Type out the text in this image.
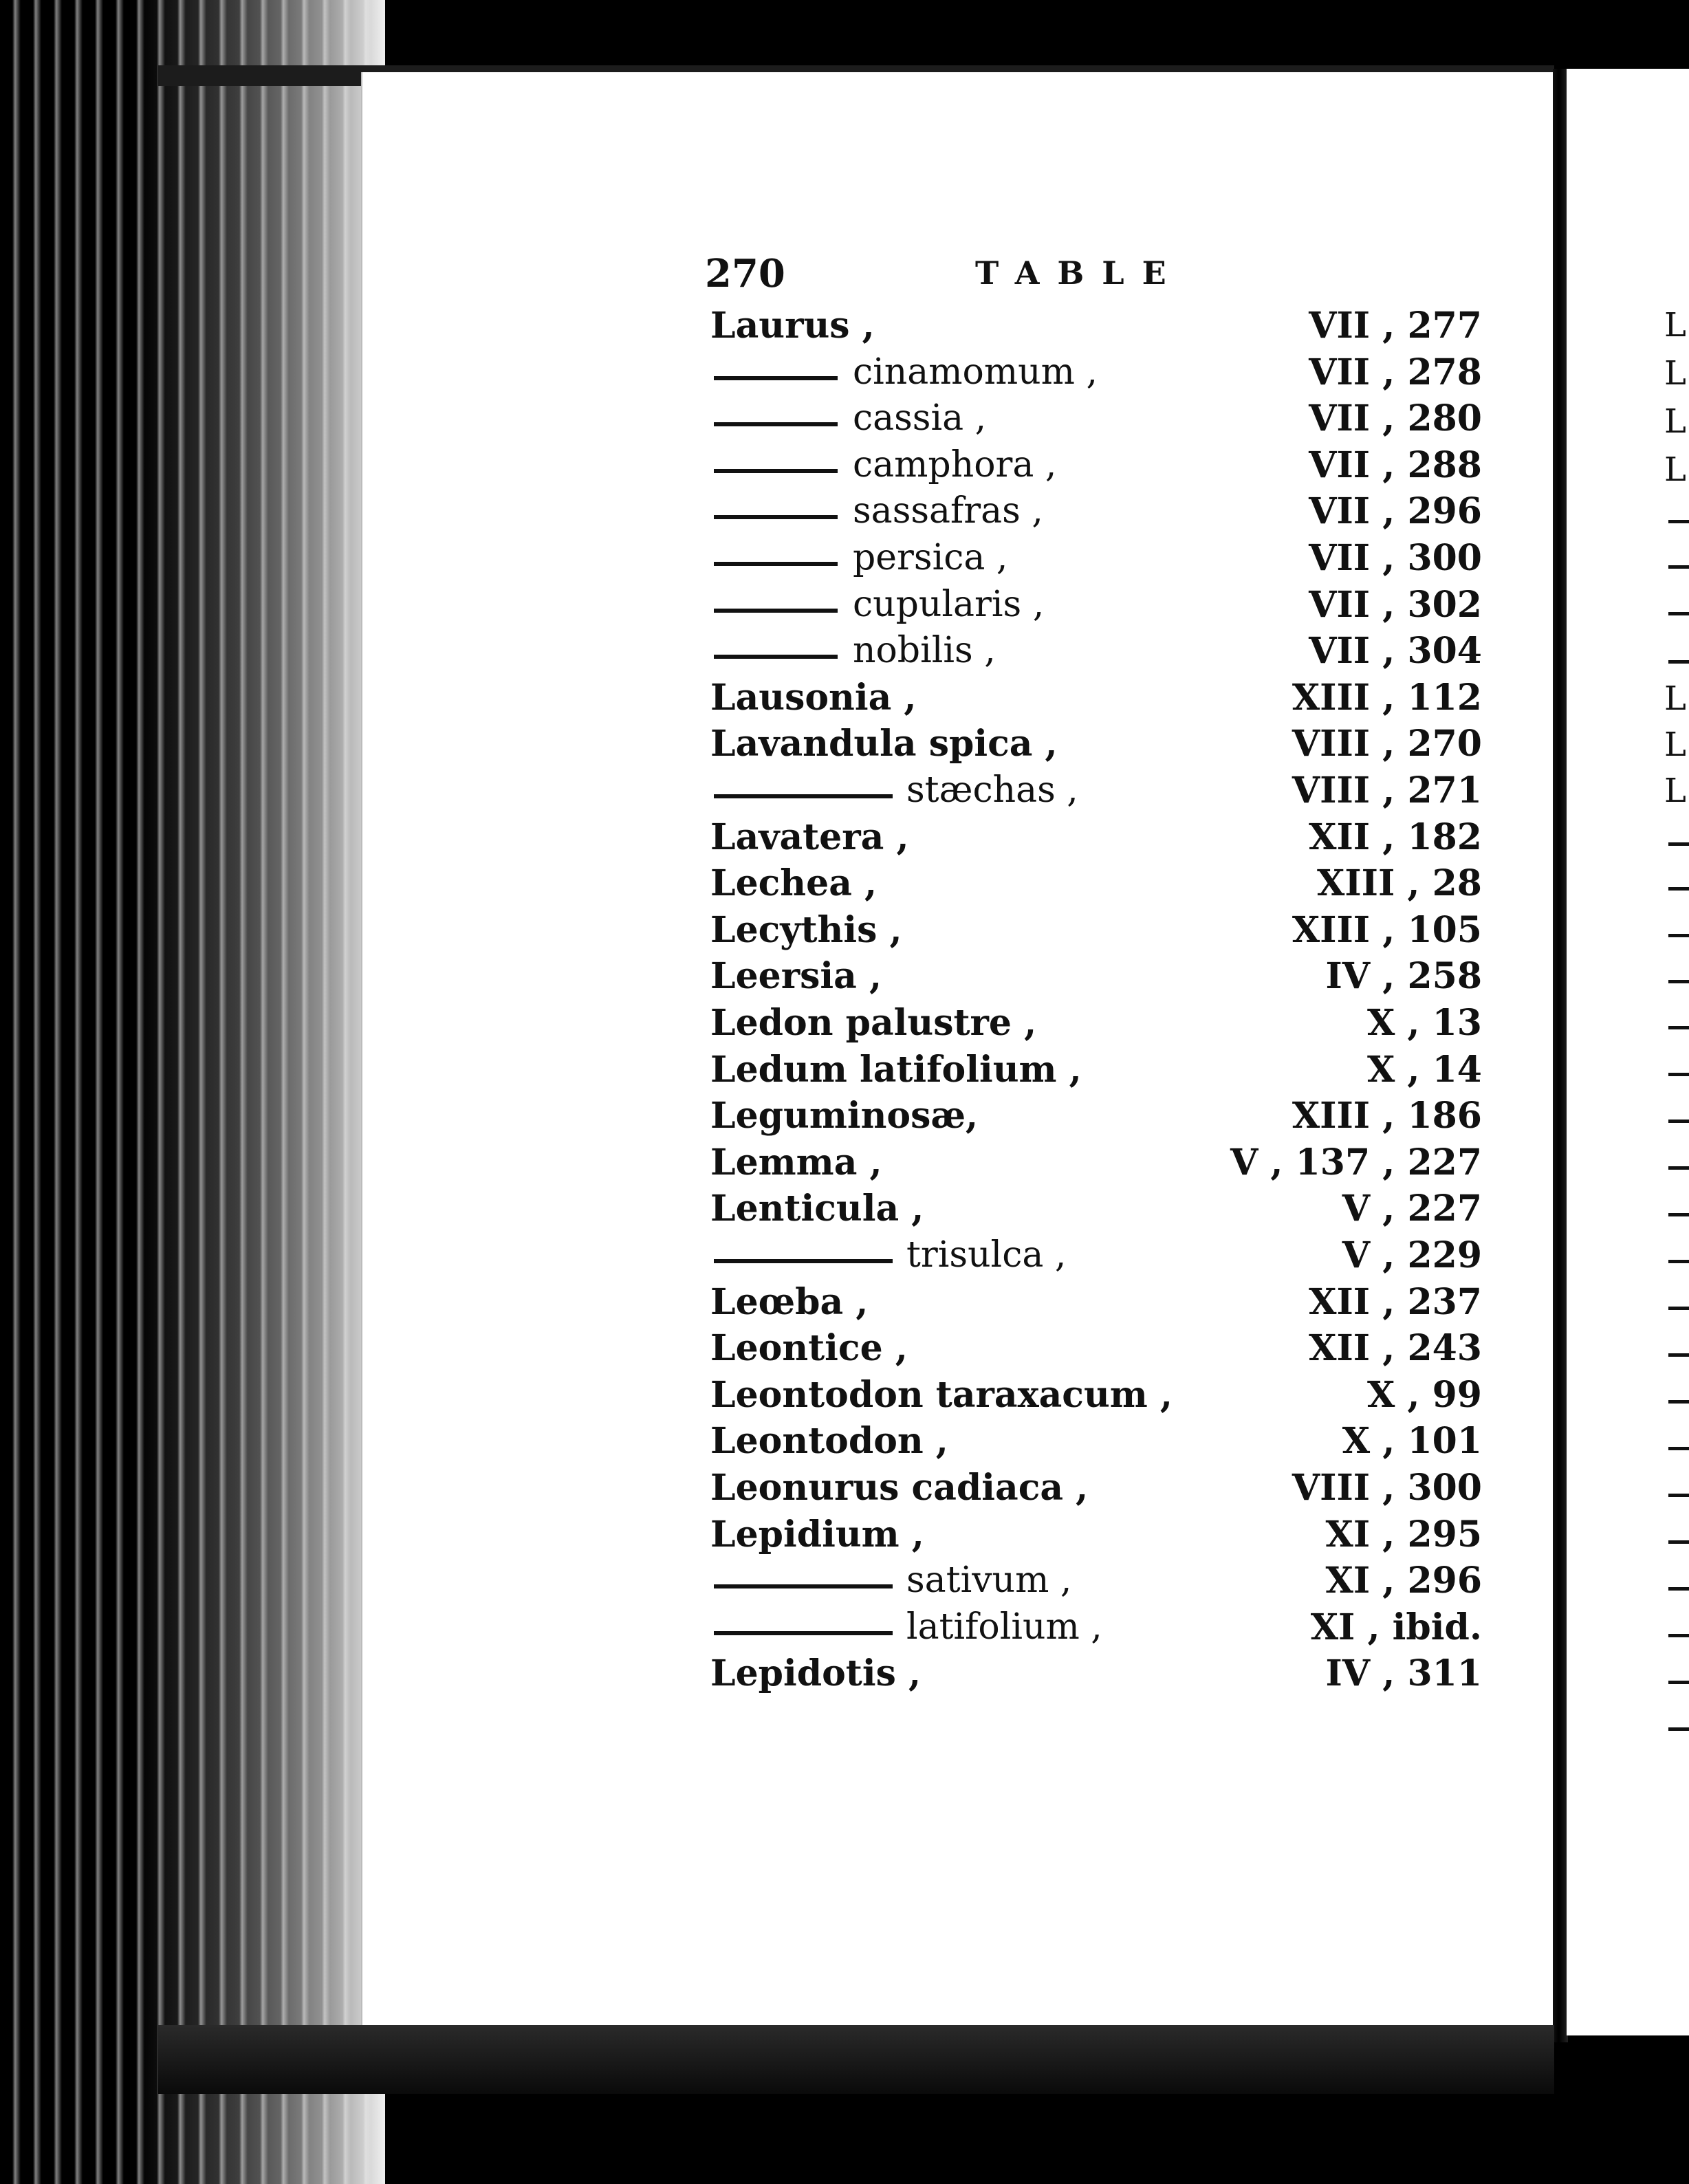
L
L
L
L
L
L
L
270	TABLE
Laurus ,	VII , 277
cinamomum ,	VII , 278
cassia ,	VII , 280
camphora ,	VII , 288
sassafras ,	VII , 296
persica ,	VII , 300
cupularis ,	VII , 302
nobilis ,	VII , 304
Lausonia ,	XIII , 112
Lavandula spica ,	VIII , 270
stæchas ,	VIII , 271
Lavatera ,	XII , 182
Lechea ,	XIII , 28
Lecythis ,	XIII , 105
Leersia ,	IV , 258
Ledon palustre ,	X , 13
Ledum latifolium ,	X , 14
Leguminosæ,	XIII , 186
Lemma ,	V , 137 , 227
Lenticula ,	V , 227
trisulca ,	V , 229
Leœba ,	XII , 237
Leontice ,	XII , 243
Leontodon taraxacum ,	X , 99
Leontodon ,	X , 101
Leonurus cadiaca ,	VIII , 300
Lepidium ,	XI , 295
sativum ,	XI , 296
latifolium ,	XI , ibid.
Lepidotis ,	IV , 311
